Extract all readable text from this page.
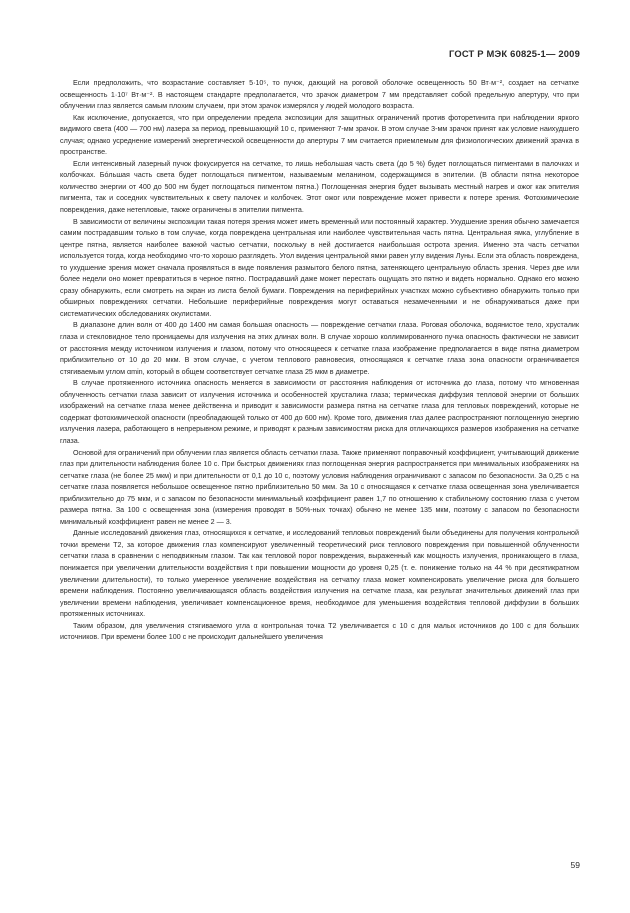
ГОСТ Р МЭК 60825-1— 2009

Если предположить, что возрастание составляет 5·10⁵, то пучок, дающий на роговой оболочке освещенность 50 Вт·м⁻², создает на сетчатке освещенность 1·10⁷ Вт·м⁻². В настоящем стандарте предполагается, что зрачок диаметром 7 мм представляет собой предельную апертуру, что при облучении глаз является самым плохим случаем, при этом зрачок измерялся у людей молодого возраста.

Как исключение, допускается, что при определении предела экспозиции для защитных ограничений против фоторетинита при наблюдении яркого видимого света (400 — 700 нм) лазера за период, превышающий 10 с, применяют 7-мм зрачок. В этом случае 3-мм зрачок принят как условие наихудшего случая; однако усреднение измерений энергетической освещенности до апертуры 7 мм считается приемлемым для физиологических движений зрачка в пространстве.

Если интенсивный лазерный пучок фокусируется на сетчатке, то лишь небольшая часть света (до 5 %) будет поглощаться пигментами в палочках и колбочках. Бóльшая часть света будет поглощаться пигментом, называемым меланином, содержащимся в эпителии. (В области пятна некоторое количество энергии от 400 до 500 нм будет поглощаться пигментом пятна.) Поглощенная энергия будет вызывать местный нагрев и ожог как эпителия пигмента, так и соседних чувствительных к свету палочек и колбочек. Этот ожог или повреждение может привести к потере зрения. Фотохимические повреждения, даже нетепловые, также ограничены в эпителии пигмента.

В зависимости от величины экспозиции такая потеря зрения может иметь временный или постоянный характер. Ухудшение зрения обычно замечается самим пострадавшим только в том случае, когда повреждена центральная или наиболее чувствительная часть пятна. Центральная ямка, углубление в центре пятна, является наиболее важной частью сетчатки, поскольку в ней достигается наибольшая острота зрения. Именно эта часть сетчатки используется тогда, когда необходимо что-то хорошо разглядеть. Угол видения центральной ямки равен углу видения Луны. Если эта область повреждена, то ухудшение зрения может сначала проявляться в виде появления размытого белого пятна, затеняющего центральную область зрения. Через две или более недели оно может превратиться в черное пятно. Пострадавший даже может перестать ощущать это пятно и видеть нормально. Однако его можно сразу обнаружить, если смотреть на экран из листа белой бумаги. Повреждения на периферийных участках можно субъективно обнаружить только при обширных повреждениях сетчатки. Небольшие периферийные повреждения могут оставаться незамеченными и не обнаруживаться даже при систематических обследованиях окулистами.

В диапазоне длин волн от 400 до 1400 нм самая большая опасность — повреждение сетчатки глаза. Роговая оболочка, водянистое тело, хрусталик глаза и стекловидное тело проницаемы для излучения на этих длинах волн. В случае хорошо коллимированного пучка опасность фактически не зависит от расстояния между источником излучения и глазом, потому что относящееся к сетчатке глаза изображение предполагается в виде пятна диаметром приблизительно от 10 до 20 мкм. В этом случае, с учетом теплового равновесия, относящаяся к сетчатке глаза зона опасности ограничивается стягиваемым углом αmin, который в общем соответствует сетчатке глаза 25 мкм в диаметре.

В случае протяженного источника опасность меняется в зависимости от расстояния наблюдения от источника до глаза, потому что мгновенная облученность сетчатки глаза зависит от излучения источника и особенностей хрусталика глаза; термическая диффузия тепловой энергии от больших изображений на сетчатке глаза менее действенна и приводит к зависимости размера пятна на сетчатке глаза для тепловых повреждений, которые не содержат фотохимической опасности (преобладающей только от 400 до 600 нм). Кроме того, движения глаз далее распространяют поглощенную энергию излучения лазера, работающего в непрерывном режиме, и приводят к разным зависимостям риска для отличающихся размеров изображения на сетчатке глаза.

Основой для ограничений при облучении глаз является область сетчатки глаза. Также применяют поправочный коэффициент, учитывающий движение глаз при длительности наблюдения более 10 с. При быстрых движениях глаз поглощенная энергия распространяется при минимальных изображениях на сетчатке глаза (не более 25 мкм) и при длительности от 0,1 до 10 с, поэтому условия наблюдения ограничивают с запасом по безопасности. За 0,25 с на сетчатке глаза появляется небольшое освещенное пятно приблизительно 50 мкм. За 10 с относящаяся к сетчатке глаза освещенная зона увеличивается приблизительно до 75 мкм, и с запасом по безопасности минимальный коэффициент равен 1,7 по отношению к стабильному состоянию глаза с учетом размера пятна. За 100 с освещенная зона (измерения проводят в 50%-ных точках) обычно не менее 135 мкм, поэтому с запасом по безопасности минимальный коэффициент равен не менее 2 — 3.

Данные исследований движения глаз, относящихся к сетчатке, и исследований тепловых повреждений были объединены для получения контрольной точки времени T2, за которое движения глаз компенсируют увеличенный теоретический риск теплового повреждения при повышенной облученности сетчатки глаза в сравнении с неподвижным глазом. Так как тепловой порог повреждения, выраженный как мощность излучения, проникающего в глаза, понижается при увеличении длительности воздействия t при повышении мощности до уровня 0,25 (т. е. понижение только на 44 % при десятикратном увеличении длительности), то только умеренное увеличение воздействия на сетчатку глаза может компенсировать увеличение риска для большего времени наблюдения. Постоянно увеличивающаяся область воздействия излучения на сетчатке глаза, как результат значительных движений глаз при увеличении времени наблюдения, увеличивает компенсационное время, необходимое для уменьшения воздействия тепловой диффузии в больших протяженных источниках.

Таким образом, для увеличения стягиваемого угла α контрольная точка T2 увеличивается с 10 с для малых источников до 100 с для больших источников. При времени более 100 с не происходит дальнейшего увеличения

59
